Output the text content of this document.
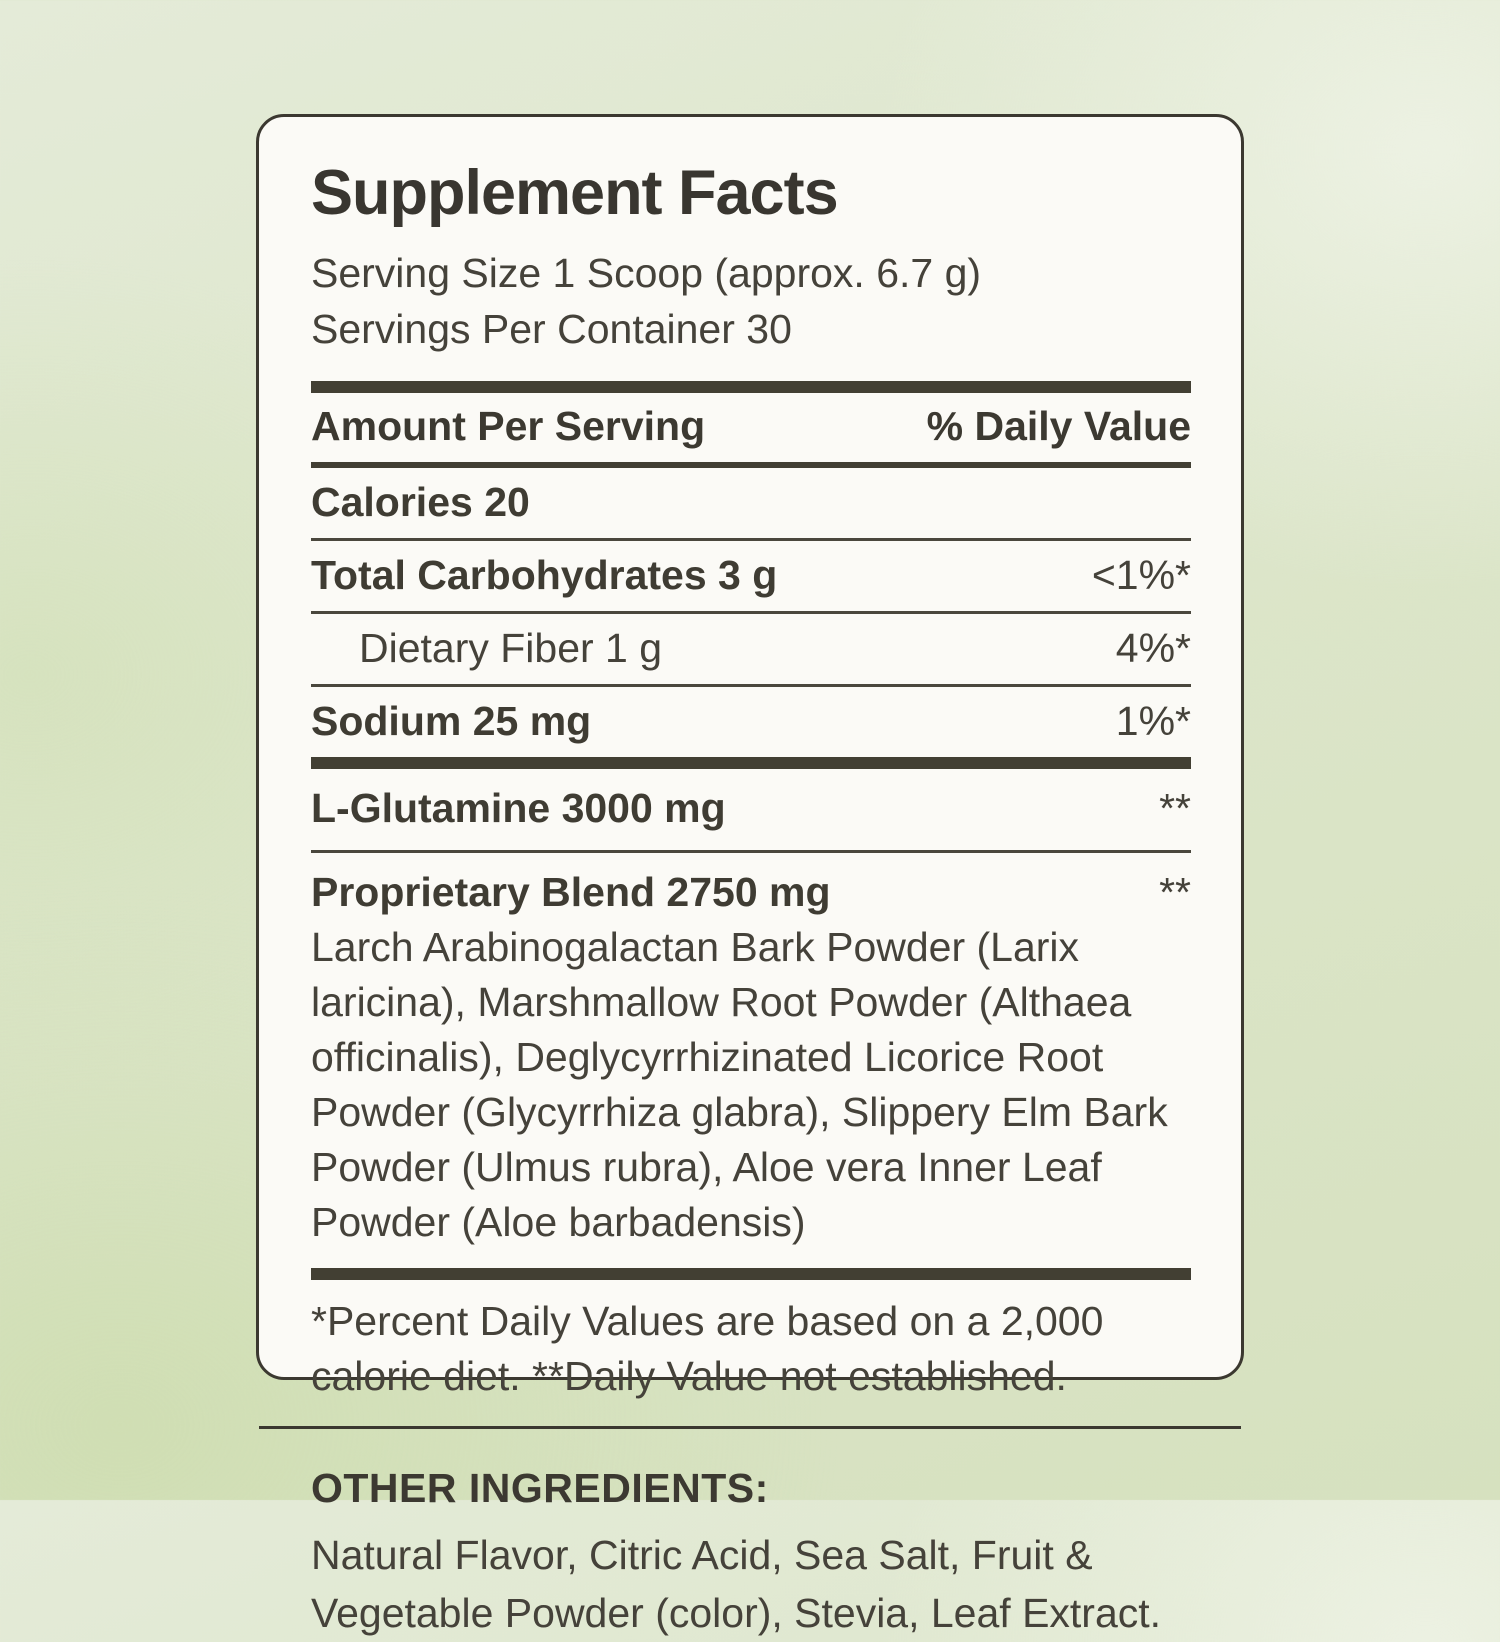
Supplement Facts
Serving Size 1 Scoop (approx. 6.7 g)
Servings Per Container 30
Amount Per Serving	% Daily Value
Calories 20
Total Carbohydrates 3 g	<1%*
Dietary Fiber 1 g	4%*
Sodium 25 mg	1%*
L-Glutamine 3000 mg	**
Proprietary Blend 2750 mg	**
Larch Arabinogalactan Bark Powder (Larix laricina), Marshmallow Root Powder (Althaea officinalis), Deglycyrrhizinated Licorice Root Powder (Glycyrrhiza glabra), Slippery Elm Bark Powder (Ulmus rubra), Aloe vera Inner Leaf Powder (Aloe barbadensis)
*Percent Daily Values are based on a 2,000 calorie diet. **Daily Value not established.
OTHER INGREDIENTS:
Natural Flavor, Citric Acid, Sea Salt, Fruit & Vegetable Powder (color), Stevia, Leaf Extract.
